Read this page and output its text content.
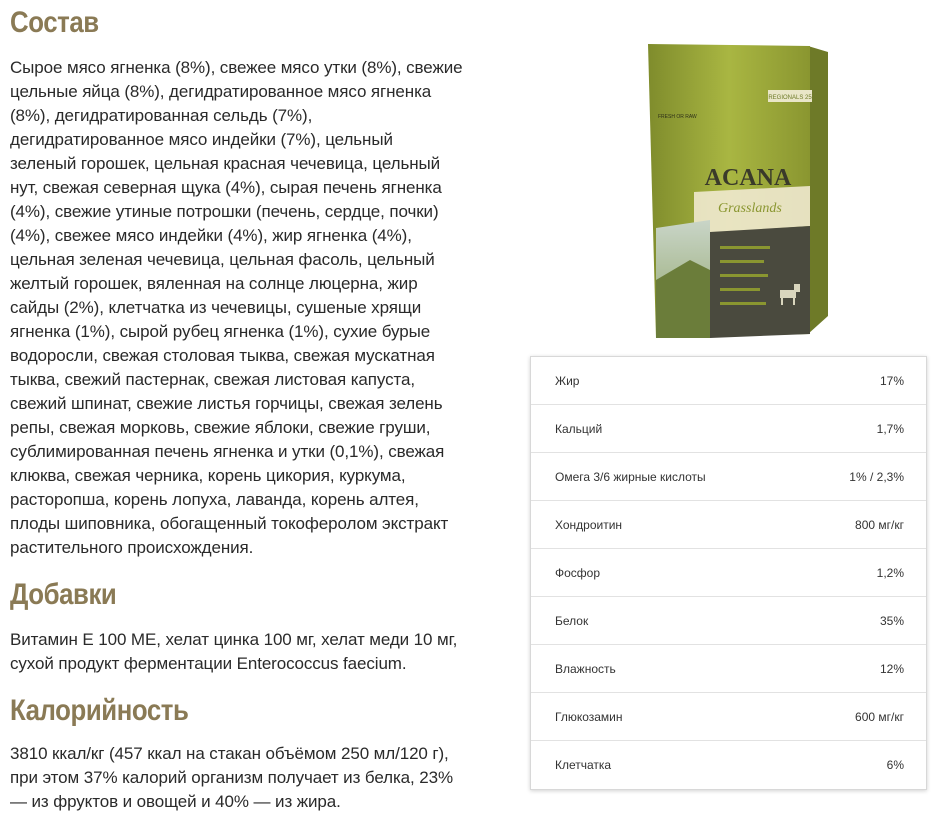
Состав

Сырое мясо ягненка (8%), свежее мясо утки (8%), свежие

цельные яйца (8%), дегидратированное мясо ягненка

(8%), дегидратированная сельдь (7%),

дегидратированное мясо индейки (7%), цельный

зеленый горошек, цельная красная чечевица, цельный

нут, свежая северная щука (4%), сырая печень ягненка

(4%), свежие утиные потрошки (печень, сердце, почки)

(4%), свежее мясо индейки (4%), жир ягненка (4%),

цельная зеленая чечевица, цельная фасоль, цельный

желтый горошек, вяленная на солнце люцерна, жир

сайды (2%), клетчатка из чечевицы, сушеные хрящи

ягненка (1%), сырой рубец ягненка (1%), сухие бурые

водоросли, свежая столовая тыква, свежая мускатная

тыква, свежий пастернак, свежая листовая капуста,

свежий шпинат, свежие листья горчицы, свежая зелень

репы, свежая морковь, свежие яблоки, свежие груши,

сублимированная печень ягненка и утки (0,1%), свежая

клюква, свежая черника, корень цикория, куркума,

расторопша, корень лопуха, лаванда, корень алтея,

плоды шиповника, обогащенный токоферолом экстракт

растительного происхождения.

Добавки

Витамин Е 100 МЕ, хелат цинка 100 мг, хелат меди 10 мг,

сухой продукт ферментации Enterococcus faecium.

Калорийность

3810 ккал/кг (457 ккал на стакан объёмом 250 мл/120 г),

при этом 37% калорий организм получает из белка, 23%

— из фруктов и овощей и 40% — из жира.

REGIONALS 25
FRESH OR RAW
ACANA
Grasslands
Жир	17%
Кальций	1,7%
Омега 3/6 жирные кислоты	1% / 2,3%
Хондроитин	800 мг/кг
Фосфор	1,2%
Белок	35%
Влажность	12%
Глюкозамин	600 мг/кг
Клетчатка	6%
